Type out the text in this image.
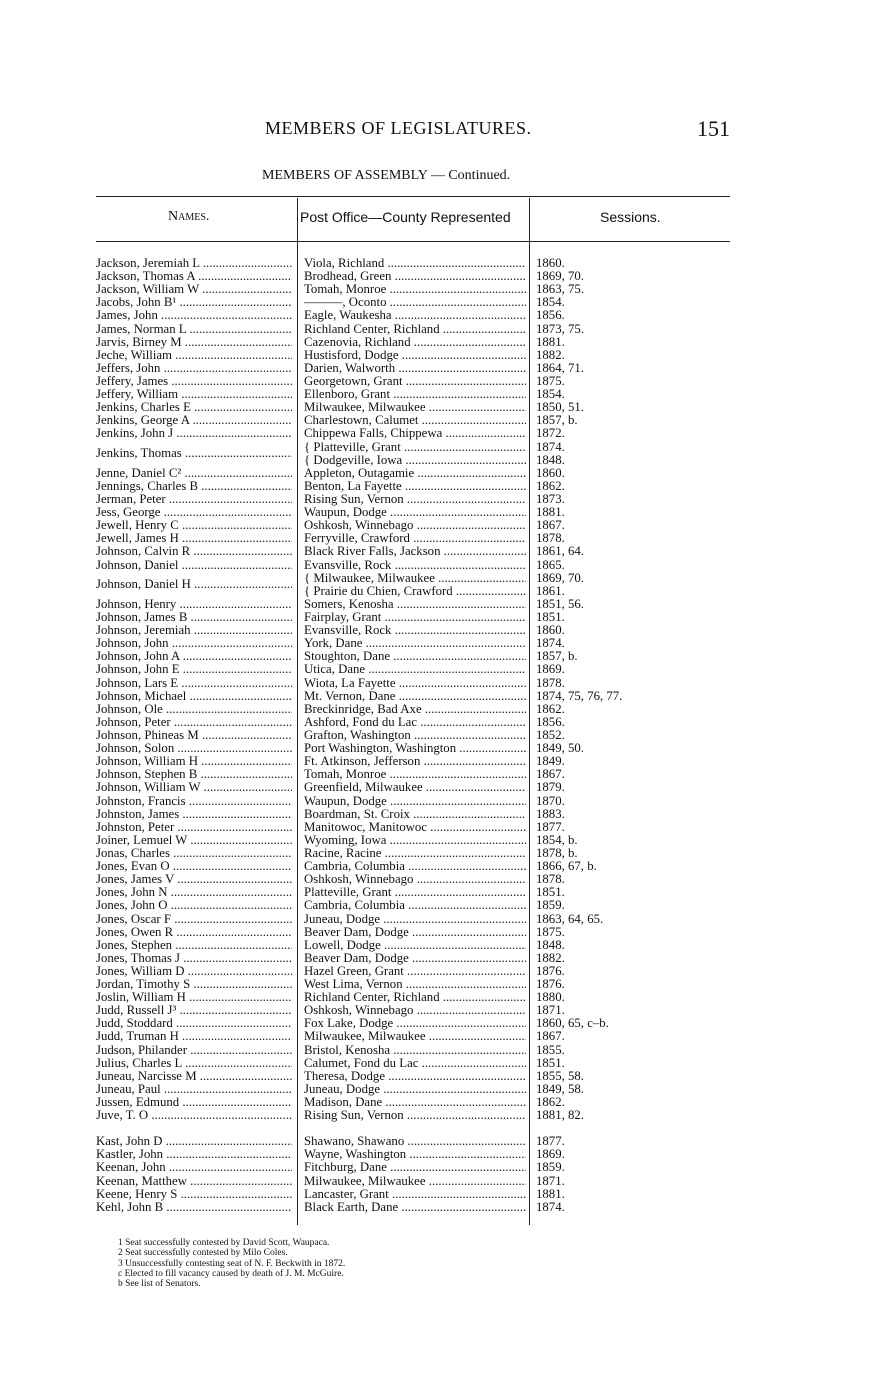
MEMBERS OF LEGISLATURES.	151
MEMBERS OF ASSEMBLY — Continued.
Names.	Post Office—County Represented	Sessions.
Jackson, Jeremiah L .....	Viola, Richland .....	1860.
Jackson, Thomas A .....	Brodhead, Green .....	1869, 70.
Jackson, William W .....	Tomah, Monroe .....	1863, 75.
Jacobs, John B¹ .....	———, Oconto .....	1854.
James, John .....	Eagle, Waukesha .....	1856.
James, Norman L .....	Richland Center, Richland .....	1873, 75.
Jarvis, Birney M .....	Cazenovia, Richland .....	1881.
Jeche, William .....	Hustisford, Dodge .....	1882.
Jeffers, John .....	Darien, Walworth .....	1864, 71.
Jeffery, James .....	Georgetown, Grant .....	1875.
Jeffery, William .....	Ellenboro, Grant .....	1854.
Jenkins, Charles E .....	Milwaukee, Milwaukee .....	1850, 51.
Jenkins, George A .....	Charlestown, Calumet .....	1857, b.
Jenkins, John J .....	Chippewa Falls, Chippewa .....	1872.
Jenkins, Thomas .....	{ Platteville, Grant .....	1874.
{ Dodgeville, Iowa .....	1848.
Jenne, Daniel C² .....	Appleton, Outagamie .....	1860.
Jennings, Charles B .....	Benton, La Fayette .....	1862.
Jerman, Peter .....	Rising Sun, Vernon .....	1873.
Jess, George .....	Waupun, Dodge .....	1881.
Jewell, Henry C .....	Oshkosh, Winnebago .....	1867.
Jewell, James H .....	Ferryville, Crawford .....	1878.
Johnson, Calvin R .....	Black River Falls, Jackson .....	1861, 64.
Johnson, Daniel .....	Evansville, Rock .....	1865.
Johnson, Daniel H .....	{ Milwaukee, Milwaukee .....	1869, 70.
{ Prairie du Chien, Crawford .....	1861.
Johnson, Henry .....	Somers, Kenosha .....	1851, 56.
Johnson, James B .....	Fairplay, Grant .....	1851.
Johnson, Jeremiah .....	Evansville, Rock .....	1860.
Johnson, John .....	York, Dane .....	1874.
Johnson, John A .....	Stoughton, Dane .....	1857, b.
Johnson, John E .....	Utica, Dane .....	1869.
Johnson, Lars E .....	Wiota, La Fayette .....	1878.
Johnson, Michael .....	Mt. Vernon, Dane .....	1874, 75, 76, 77.
Johnson, Ole .....	Breckinridge, Bad Axe .....	1862.
Johnson, Peter .....	Ashford, Fond du Lac .....	1856.
Johnson, Phineas M .....	Grafton, Washington .....	1852.
Johnson, Solon .....	Port Washington, Washington .....	1849, 50.
Johnson, William H .....	Ft. Atkinson, Jefferson .....	1849.
Johnson, Stephen B .....	Tomah, Monroe .....	1867.
Johnson, William W .....	Greenfield, Milwaukee .....	1879.
Johnston, Francis .....	Waupun, Dodge .....	1870.
Johnston, James .....	Boardman, St. Croix .....	1883.
Johnston, Peter .....	Manitowoc, Manitowoc .....	1877.
Joiner, Lemuel W .....	Wyoming, Iowa .....	1854, b.
Jonas, Charles .....	Racine, Racine .....	1878, b.
Jones, Evan O .....	Cambria, Columbia .....	1866, 67, b.
Jones, James V .....	Oshkosh, Winnebago .....	1878.
Jones, John N .....	Platteville, Grant .....	1851.
Jones, John O .....	Cambria, Columbia .....	1859.
Jones, Oscar F .....	Juneau, Dodge .....	1863, 64, 65.
Jones, Owen R .....	Beaver Dam, Dodge .....	1875.
Jones, Stephen .....	Lowell, Dodge .....	1848.
Jones, Thomas J .....	Beaver Dam, Dodge .....	1882.
Jones, William D .....	Hazel Green, Grant .....	1876.
Jordan, Timothy S .....	West Lima, Vernon .....	1876.
Joslin, William H .....	Richland Center, Richland .....	1880.
Judd, Russell J³ .....	Oshkosh, Winnebago .....	1871.
Judd, Stoddard .....	Fox Lake, Dodge .....	1860, 65, c–b.
Judd, Truman H .....	Milwaukee, Milwaukee .....	1867.
Judson, Philander .....	Bristol, Kenosha .....	1855.
Julius, Charles L .....	Calumet, Fond du Lac .....	1851.
Juneau, Narcisse M .....	Theresa, Dodge .....	1855, 58.
Juneau, Paul .....	Juneau, Dodge .....	1849, 58.
Jussen, Edmund .....	Madison, Dane .....	1862.
Juve, T. O .....	Rising Sun, Vernon .....	1881, 82.
Kast, John D .....	Shawano, Shawano .....	1877.
Kastler, John .....	Wayne, Washington .....	1869.
Keenan, John .....	Fitchburg, Dane .....	1859.
Keenan, Matthew .....	Milwaukee, Milwaukee .....	1871.
Keene, Henry S .....	Lancaster, Grant .....	1881.
Kehl, John B .....	Black Earth, Dane .....	1874.
1 Seat successfully contested by David Scott, Waupaca.
2 Seat successfully contested by Milo Coles.
3 Unsuccessfully contesting seat of N. F. Beckwith in 1872.
c Elected to fill vacancy caused by death of J. M. McGuire.
b See list of Senators.
